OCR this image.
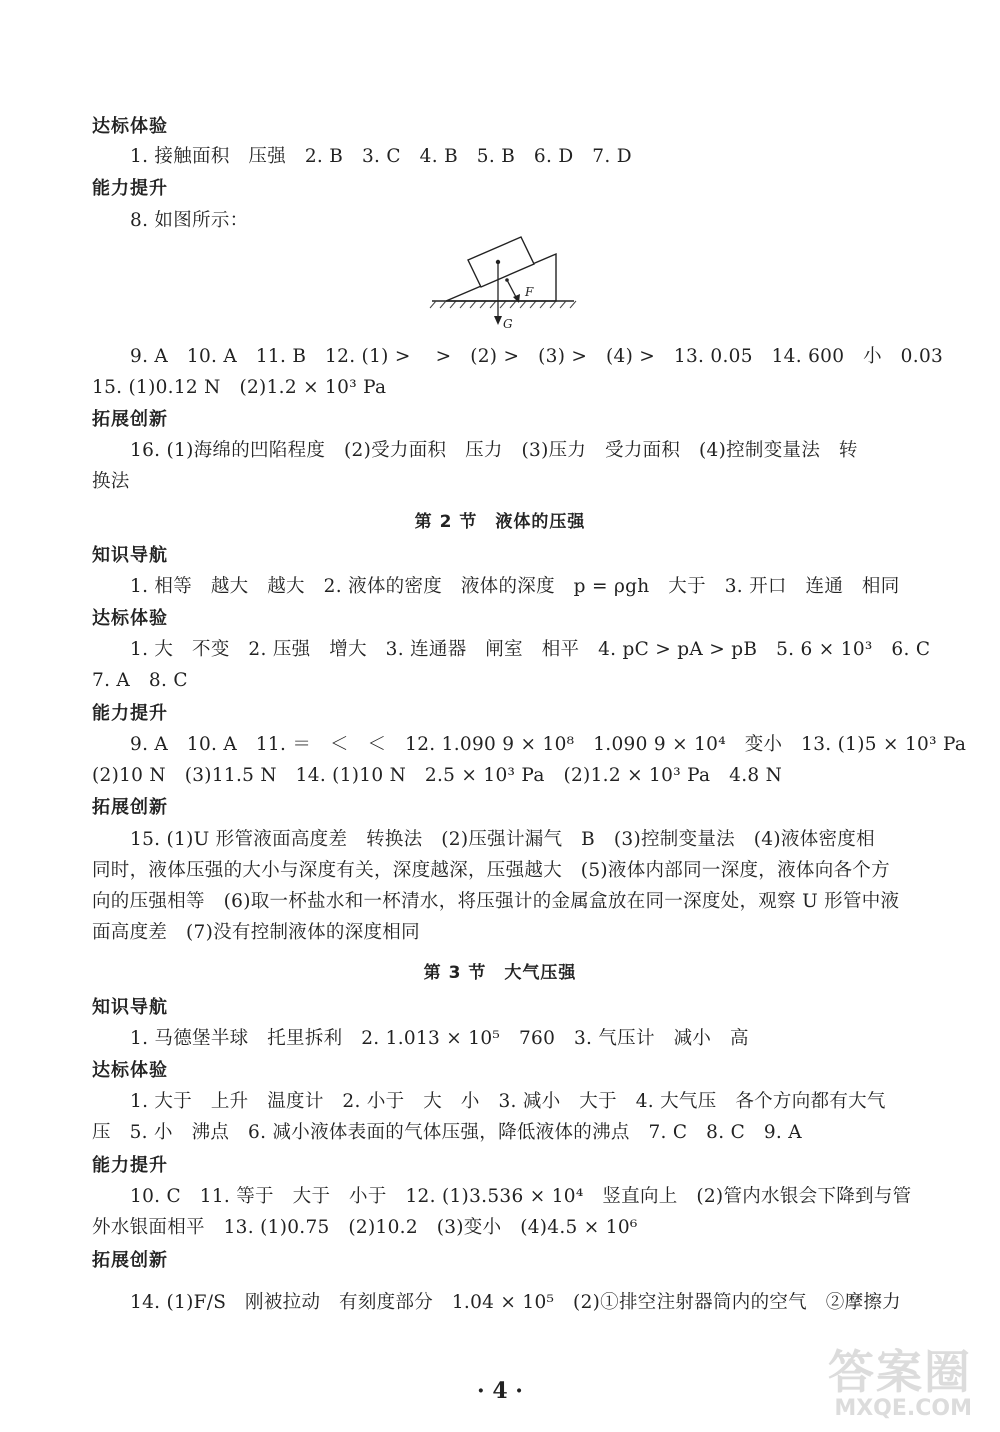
达标体验
1. 接触面积　压强　2. B　3. C　4. B　5. B　6. D　7. D
能力提升
8. 如图所示：
F
G
9. A　10. A　11. B　12. (1) >　 >　(2) >　(3) >　(4) >　13. 0.05　14. 600　小　0.03
15. (1)0.12 N　(2)1.2 × 10³ Pa
拓展创新
16. (1)海绵的凹陷程度　(2)受力面积　压力　(3)压力　受力面积　(4)控制变量法　转
换法
第 2 节　液体的压强
知识导航
1. 相等　越大　越大　2. 液体的密度　液体的深度　p = ρgh　大于　3. 开口　连通　相同
达标体验
1. 大　不变　2. 压强　增大　3. 连通器　闸室　相平　4. pC > pA > pB　5. 6 × 10³　6. C
7. A　8. C
能力提升
9. A　10. A　11. ＝　＜　＜　12. 1.090 9 × 10⁸　1.090 9 × 10⁴　变小　13. (1)5 × 10³ Pa
(2)10 N　(3)11.5 N　14. (1)10 N　2.5 × 10³ Pa　(2)1.2 × 10³ Pa　4.8 N
拓展创新
15. (1)U 形管液面高度差　转换法　(2)压强计漏气　B　(3)控制变量法　(4)液体密度相
同时，液体压强的大小与深度有关，深度越深，压强越大　(5)液体内部同一深度，液体向各个方
向的压强相等　(6)取一杯盐水和一杯清水，将压强计的金属盒放在同一深度处，观察 U 形管中液
面高度差　(7)没有控制液体的深度相同
第 3 节　大气压强
知识导航
1. 马德堡半球　托里拆利　2. 1.013 × 10⁵　760　3. 气压计　减小　高
达标体验
1. 大于　上升　温度计　2. 小于　大　小　3. 减小　大于　4. 大气压　各个方向都有大气
压　5. 小　沸点　6. 减小液体表面的气体压强，降低液体的沸点　7. C　8. C　9. A
能力提升
10. C　11. 等于　大于　小于　12. (1)3.536 × 10⁴　竖直向上　(2)管内水银会下降到与管
外水银面相平　13. (1)0.75　(2)10.2　(3)变小　(4)4.5 × 10⁶
拓展创新
14. (1)F/S　刚被拉动　有刻度部分　1.04 × 10⁵　(2)①排空注射器筒内的空气　②摩擦力
· 4 ·	答案圈
MXQE.COM
